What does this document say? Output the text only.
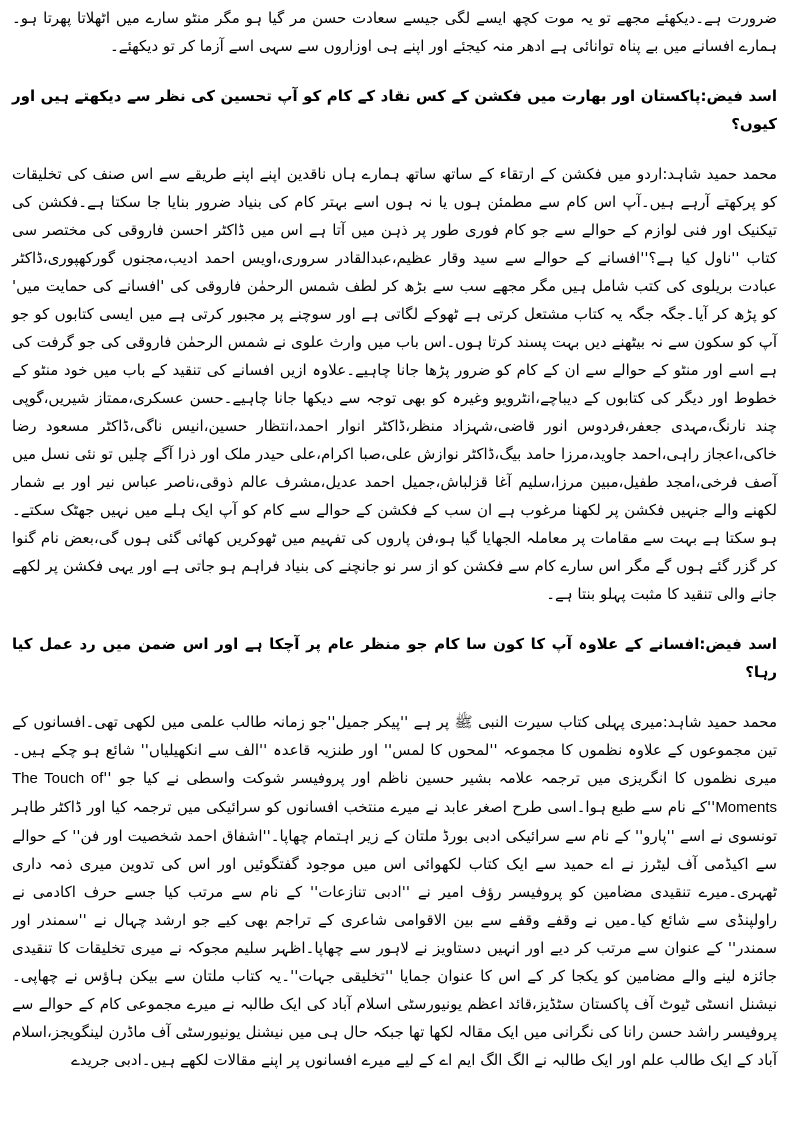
ضرورت ہے۔دیکھئے مجھے تو یہ موت کچھ ایسے لگی جیسے سعادت حسن مر گیا ہو مگر منٹو سارے میں اٹھلاتا پھرتا ہو۔ہمارے افسانے میں بے پناہ توانائی ہے ادھر منہ کیجئے اور اپنے ہی اوزاروں سے سہی اسے آزما کر تو دیکھئے۔

اسد فیض:پاکستان اور بھارت میں فکشن کے کس نقاد کے کام کو آپ تحسین کی نظر سے دیکھتے ہیں اور کیوں؟

محمد حمید شاہد:اردو میں فکشن کے ارتقاء کے ساتھ ساتھ ہمارے ہاں ناقدین اپنے اپنے طریقے سے اس صنف کی تخلیقات کو پرکھتے آرہے ہیں۔آپ اس کام سے مطمئن ہوں یا نہ ہوں اسے بہتر کام کی بنیاد ضرور بنایا جا سکتا ہے۔فکشن کی تیکنیک اور فنی لوازم کے حوالے سے جو کام فوری طور پر ذہن میں آتا ہے اس میں ڈاکٹر احسن فاروقی کی مختصر سی کتاب ''ناول کیا ہے؟''افسانے کے حوالے سے سید وقار عظیم،عبدالقادر سروری،اویس احمد ادیب،مجنوں گورکھپوری،ڈاکٹر عبادت بریلوی کی کتب شامل ہیں مگر مجھے سب سے بڑھ کر لطف شمس الرحمٰن فاروقی کی 'افسانے کی حمایت میں' کو پڑھ کر آیا۔جگہ جگہ یہ کتاب مشتعل کرتی ہے ٹھوکے لگاتی ہے اور سوچنے پر مجبور کرتی ہے میں ایسی کتابوں کو جو آپ کو سکون سے نہ بیٹھنے دیں بہت پسند کرتا ہوں۔اس باب میں وارث علوی نے شمس الرحمٰن فاروقی کی جو گرفت کی ہے اسے اور منٹو کے حوالے سے ان کے کام کو ضرور پڑھا جانا چاہیے۔علاوہ ازیں افسانے کی تنقید کے باب میں خود منٹو کے خطوط اور دیگر کی کتابوں کے دیباچے،انٹرویو وغیرہ کو بھی توجہ سے دیکھا جانا چاہیے۔حسن عسکری،ممتاز شیریں،گوپی چند نارنگ،مہدی جعفر،فردوس انور قاضی،شہزاد منظر،ڈاکٹر انوار احمد،انتظار حسین،انیس ناگی،ڈاکٹر مسعود رضا خاکی،اعجاز راہی،احمد جاوید،مرزا حامد بیگ،ڈاکٹر نوازش علی،صبا اکرام،علی حیدر ملک اور ذرا آگے چلیں تو نئی نسل میں آصف فرخی،امجد طفیل،مبین مرزا،سلیم آغا قزلباش،جمیل احمد عدیل،مشرف عالم ذوقی،ناصر عباس نیر اور بے شمار لکھنے والے جنہیں فکشن پر لکھنا مرغوب ہے ان سب کے فکشن کے حوالے سے کام کو آپ ایک ہلے میں نہیں جھٹک سکتے۔ہو سکتا ہے بہت سے مقامات پر معاملہ الجھایا گیا ہو،فن پاروں کی تفہیم میں ٹھوکریں کھائی گئی ہوں گی،بعض نام گنوا کر گزر گئے ہوں گے مگر اس سارے کام سے فکشن کو از سر نو جانچنے کی بنیاد فراہم ہو جاتی ہے اور یہی فکشن پر لکھے جانے والی تنقید کا مثبت پہلو بنتا ہے۔

اسد فیض:افسانے کے علاوہ آپ کا کون سا کام جو منظر عام پر آچکا ہے اور اس ضمن میں رد عمل کیا رہا؟

محمد حمید شاہد:میری پہلی کتاب سیرت النبی ﷺ پر ہے ''پیکر جمیل''جو زمانہ طالب علمی میں لکھی تھی۔افسانوں کے تین مجموعوں کے علاوہ نظموں کا مجموعہ ''لمحوں کا لمس'' اور طنزیہ قاعدہ ''الف سے انکھیلیاں'' شائع ہو چکے ہیں۔میری نظموں کا انگریزی میں ترجمہ علامہ بشیر حسین ناظم اور پروفیسر شوکت واسطی نے کیا جو ''The Touch of Moments''کے نام سے طبع ہوا۔اسی طرح اصغر عابد نے میرے منتخب افسانوں کو سرائیکی میں ترجمہ کیا اور ڈاکٹر طاہر تونسوی نے اسے ''پارو'' کے نام سے سرائیکی ادبی بورڈ ملتان کے زیر اہتمام چھاپا۔''اشفاق احمد شخصیت اور فن'' کے حوالے سے اکیڈمی آف لیٹرز نے اے حمید سے ایک کتاب لکھوائی اس میں موجود گفتگوئیں اور اس کی تدوین میری ذمہ داری ٹھہری۔میرے تنقیدی مضامین کو پروفیسر رؤف امیر نے ''ادبی تنازعات'' کے نام سے مرتب کیا جسے حرف اکادمی نے راولپنڈی سے شائع کیا۔میں نے وقفے وقفے سے بین الاقوامی شاعری کے تراجم بھی کیے جو ارشد چہال نے ''سمندر اور سمندر'' کے عنوان سے مرتب کر دیے اور انہیں دستاویز نے لاہور سے چھاپا۔اظہر سلیم مجوکہ نے میری تخلیقات کا تنقیدی جائزہ لینے والے مضامین کو یکجا کر کے اس کا عنوان جمایا ''تخلیقی جہات''۔یہ کتاب ملتان سے بیکن ہاؤس نے چھاپی۔نیشنل انسٹی ٹیوٹ آف پاکستان سٹڈیز،قائد اعظم یونیورسٹی اسلام آباد کی ایک طالبہ نے میرے مجموعی کام کے حوالے سے پروفیسر راشد حسن رانا کی نگرانی میں ایک مقالہ لکھا تھا جبکہ حال ہی میں نیشنل یونیورسٹی آف ماڈرن لینگویجز،اسلام آباد کے ایک طالب علم اور ایک طالبہ نے الگ الگ ایم اے کے لیے میرے افسانوں پر اپنے مقالات لکھے ہیں۔ادبی جریدے
